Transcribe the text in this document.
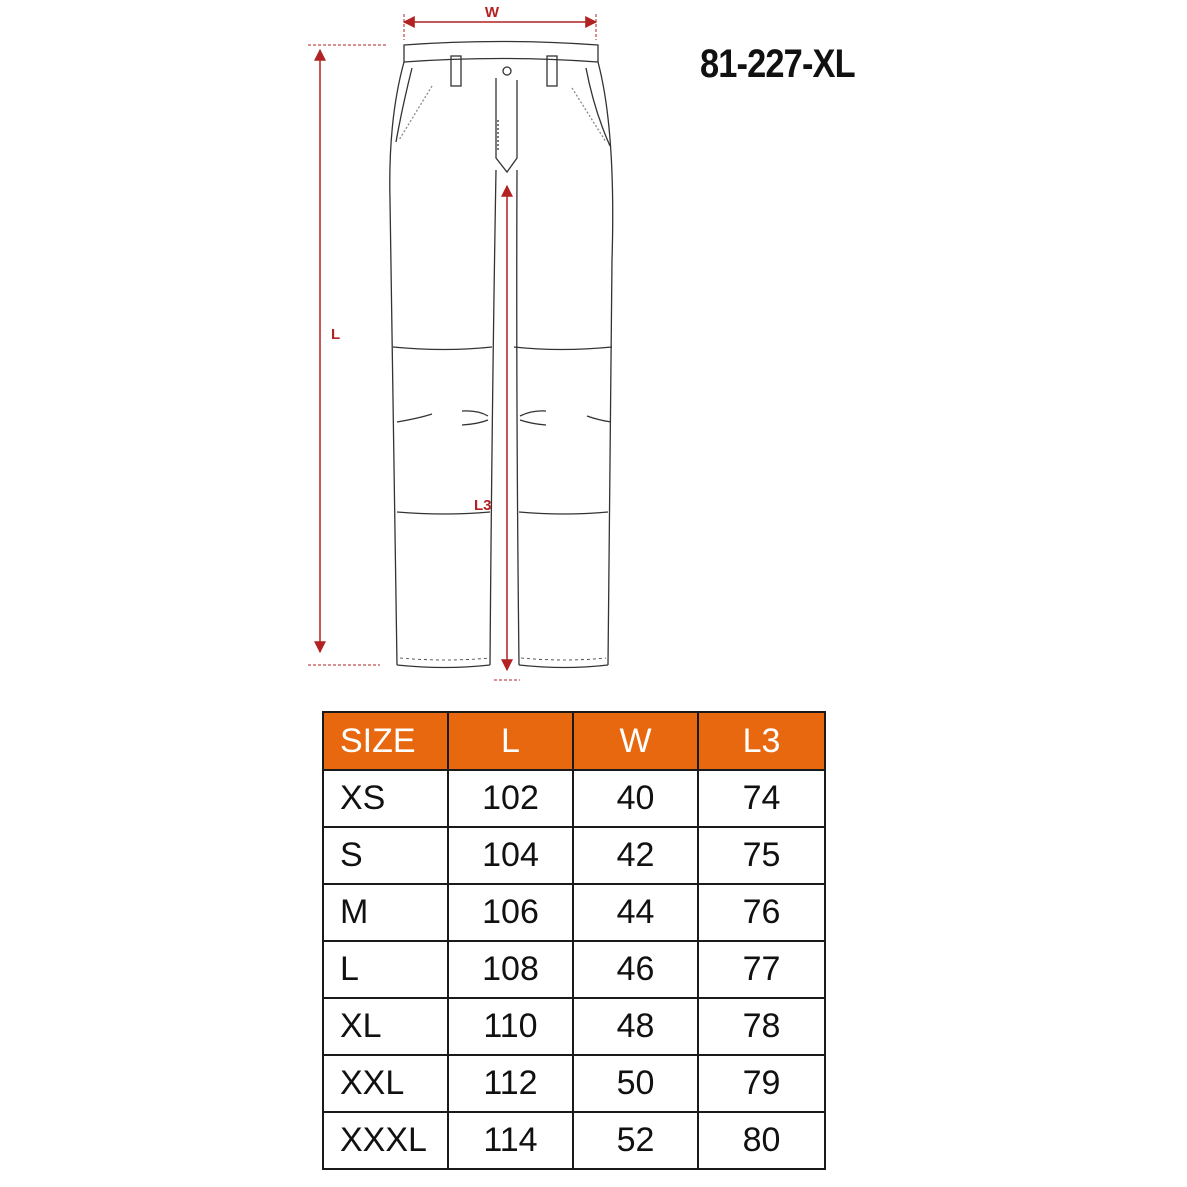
W
L
L3
81-227-XL
SIZE	L	W	L3
XS	102	40	74
S	104	42	75
M	106	44	76
L	108	46	77
XL	110	48	78
XXL	112	50	79
XXXL	114	52	80
